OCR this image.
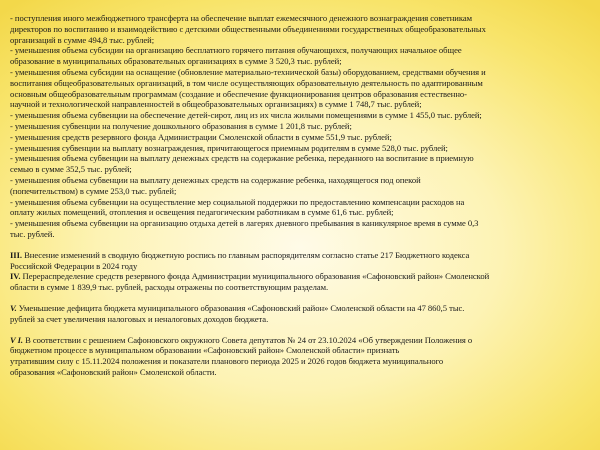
- поступления иного межбюджетного трансферта на обеспечение выплат ежемесячного денежного вознаграждения советникам
директоров по воспитанию и взаимодействию с детскими общественными объединениями государственных общеобразовательных
организаций в сумме 494,8 тыс. рублей;
- уменьшения объема субсидии на организацию бесплатного горячего питания обучающихся, получающих начальное общее
образование в муниципальных образовательных организациях в сумме 3 520,3 тыс. рублей;
- уменьшения объема субсидии на оснащение (обновление материально-технической базы) оборудованием, средствами обучения и
воспитания общеобразовательных организаций, в том числе осуществляющих образовательную деятельность по адаптированным
основным общеобразовательным программам (создание и обеспечение функционирования центров образования естественно-
научной и технологической направленностей в общеобразовательных организациях) в сумме 1 748,7 тыс. рублей;
- уменьшения объема субвенции на обеспечение детей-сирот, лиц из их числа жилыми помещениями в сумме 1 455,0 тыс. рублей;
- уменьшения субвенции на получение дошкольного образования в сумме 1 201,8 тыс. рублей;
- уменьшения средств резервного фонда Администрации Смоленской области в сумме 551,9 тыс. рублей;
- уменьшения субвенции на выплату вознаграждения, причитающегося приемным родителям в сумме 528,0 тыс. рублей;
- уменьшения объема субвенции на выплату денежных средств на содержание ребенка, переданного на воспитание в приемную
семью в сумме 352,5 тыс. рублей;
- уменьшения объема субвенции на выплату денежных средств на содержание ребенка, находящегося под опекой
(попечительством) в сумме 253,0 тыс. рублей;
- уменьшения объема субвенции на осуществление мер социальной поддержки по предоставлению компенсации расходов на
оплату жилых помещений, отопления и освещения педагогическим работникам в сумме 61,6 тыс. рублей;
- уменьшения объема субвенции на организацию отдыха детей в лагерях дневного пребывания в каникулярное время в сумме 0,3
тыс. рублей.
III. Внесение изменений в сводную бюджетную роспись по главным распорядителям согласно статье 217 Бюджетного кодекса
Российской Федерации в 2024 году
IV. Перераспределение средств резервного фонда Администрации муниципального образования «Сафоновский район» Смоленской
области в сумме 1 839,9 тыс. рублей, расходы отражены по соответствующим разделам.
V. Уменьшение дефицита бюджета муниципального образования «Сафоновский район» Смоленской области на 47 860,5 тыс.
рублей за счет увеличения налоговых и неналоговых доходов бюджета.
V I. В соответствии с решением Сафоновского окружного Совета депутатов № 24 от 23.10.2024 «Об утверждении Положения о
бюджетном процессе в муниципальном образовании «Сафоновский район» Смоленской области» признать
утратившим силу с 15.11.2024 положения и показатели планового периода 2025 и 2026 годов бюджета муниципального
образования «Сафоновский район» Смоленской области.
